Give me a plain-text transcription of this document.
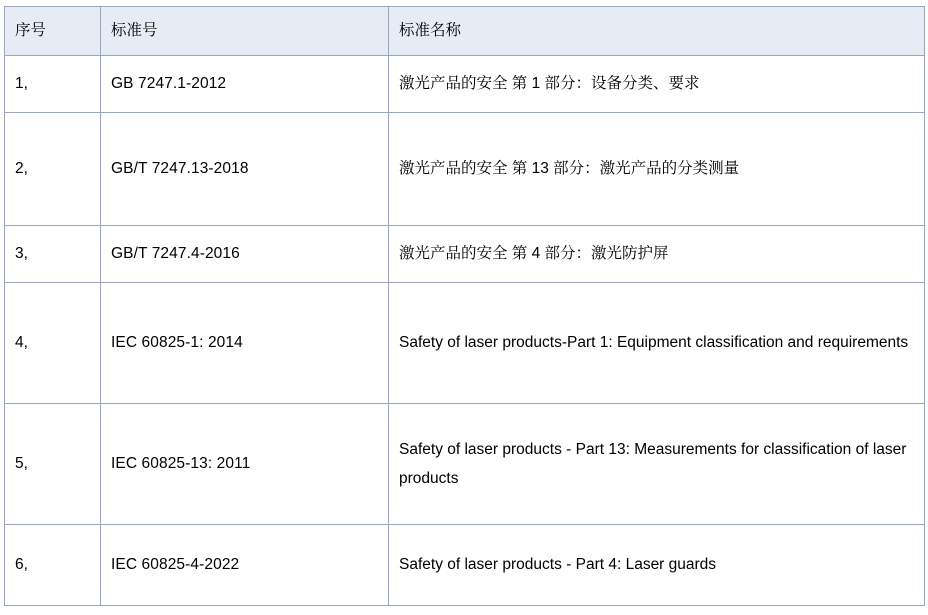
序号	标准号	标准名称
1,	GB 7247.1-2012	激光产品的安全 第 1 部分：设备分类、要求
2,	GB/T 7247.13-2018	激光产品的安全 第 13 部分：激光产品的分类测量
3,	GB/T 7247.4-2016	激光产品的安全 第 4 部分：激光防护屏
4,	IEC 60825-1: 2014	Safety of laser products-Part 1: Equipment classification and requirements
5,	IEC 60825-13: 2011	Safety of laser products - Part 13: Measurements for classification of laser products
6,	IEC 60825-4-2022	Safety of laser products - Part 4: Laser guards
